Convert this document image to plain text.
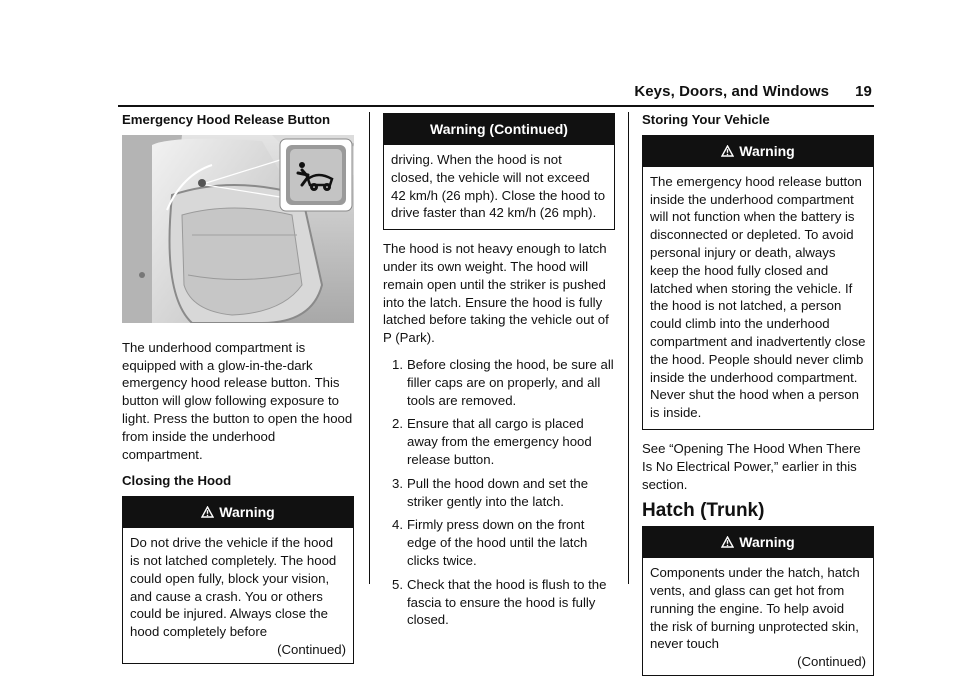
Keys, Doors, and Windows 19
Emergency Hood Release Button

The underhood compartment is equipped with a glow-in-the-dark emergency hood release button. This button will glow following exposure to light. Press the button to open the hood from inside the underhood compartment.

Closing the Hood
Warning

Do not drive the vehicle if the hood is not latched completely. The hood could open fully, block your vision, and cause a crash. You or others could be injured. Always close the hood completely before

(Continued)
Warning (Continued)

driving. When the hood is not closed, the vehicle will not exceed 42 km/h (26 mph). Close the hood to drive faster than 42 km/h (26 mph).

The hood is not heavy enough to latch under its own weight. The hood will remain open until the striker is pushed into the latch. Ensure the hood is fully latched before taking the vehicle out of P (Park).

1. Before closing the hood, be sure all filler caps are on properly, and all tools are removed.
2. Ensure that all cargo is placed away from the emergency hood release button.
3. Pull the hood down and set the striker gently into the latch.
4. Firmly press down on the front edge of the hood until the latch clicks twice.
5. Check that the hood is flush to the fascia to ensure the hood is fully closed.
Storing Your Vehicle
Warning

The emergency hood release button inside the underhood compartment will not function when the battery is disconnected or depleted. To avoid personal injury or death, always keep the hood fully closed and latched when storing the vehicle. If the hood is not latched, a person could climb into the underhood compartment and inadvertently close the hood. People should never climb inside the underhood compartment. Never shut the hood when a person is inside.

See “Opening The Hood When There Is No Electrical Power,” earlier in this section.

Hatch (Trunk)
Warning

Components under the hatch, hatch vents, and glass can get hot from running the engine. To help avoid the risk of burning unprotected skin, never touch

(Continued)
